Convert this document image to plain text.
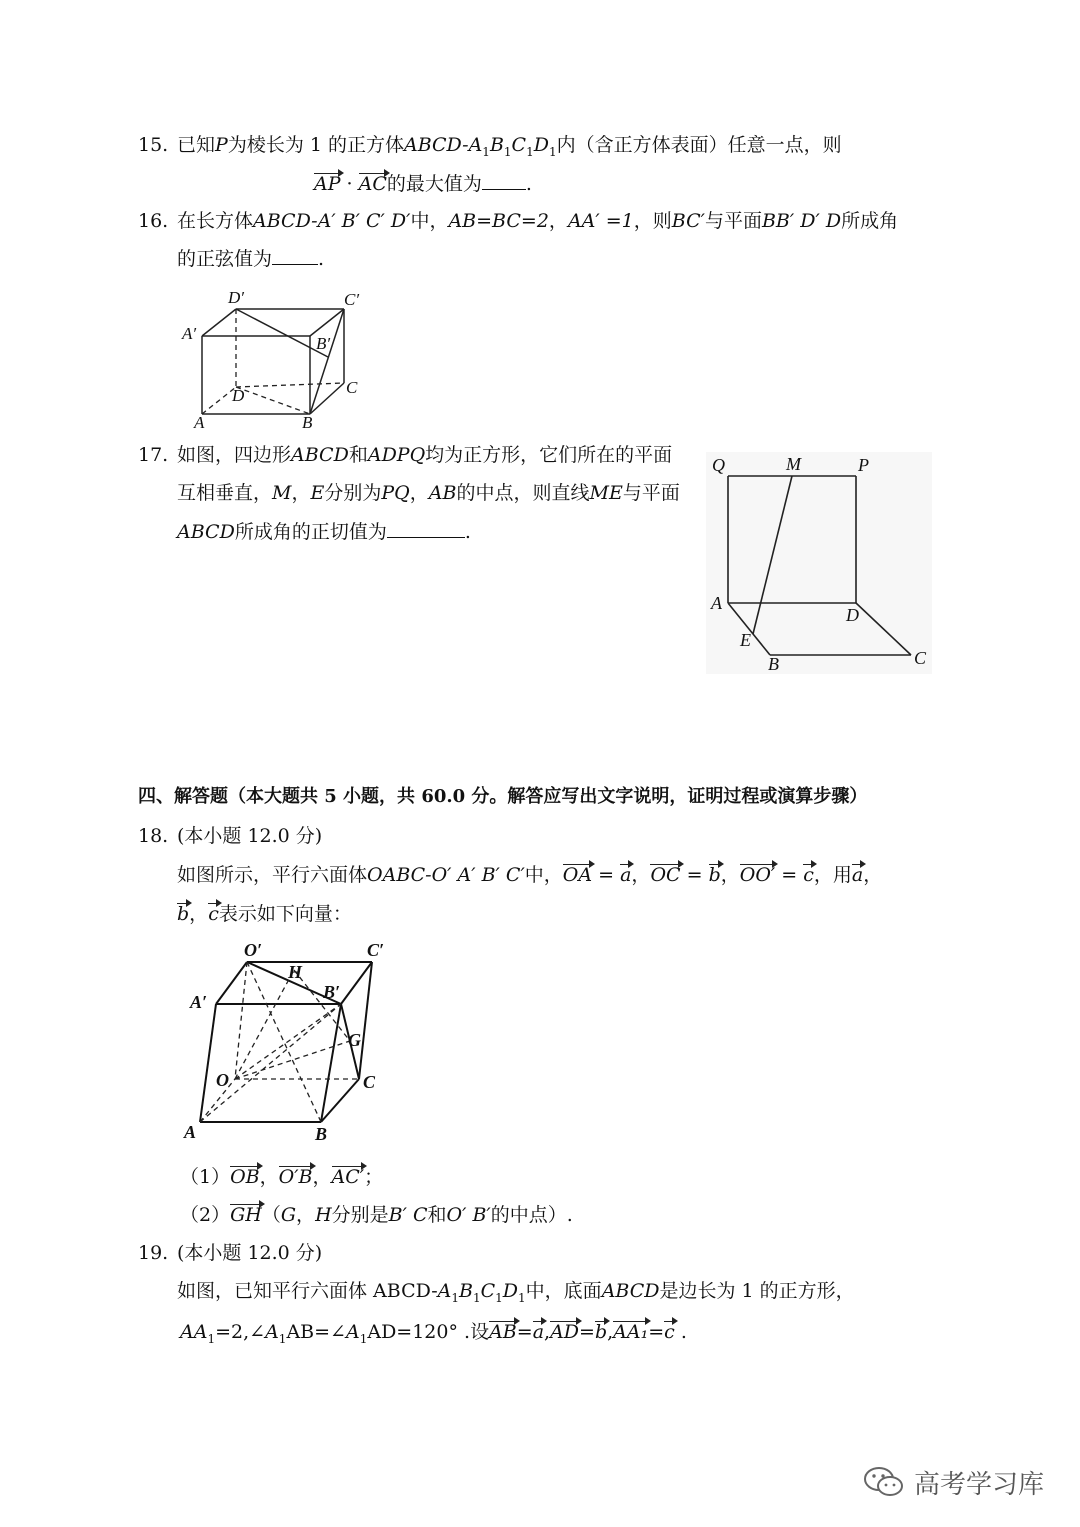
15. 已知P为棱长为 1 的正方体ABCD-$A_1B_1C_1D_1$内（含正方体表面）任意一点，则
AP · AC的最大值为 .
16. 在长方体ABCD-A′ B′ C′ D′中，AB=BC=2，AA′ =1，则BC′与平面BB′ D′ D所成角
的正弦值为 .
D′	C′
A′
B′
D	C
A	B
17. 如图，四边形ABCD和ADPQ均为正方形，它们所在的平面
互相垂直，M，E分别为PQ，AB的中点，则直线ME与平面
ABCD所成角的正切值为	.
Q	M	P
A
D
E
B	C
四、解答题（本大题共 5 小题，共 60.0 分。解答应写出文字说明，证明过程或演算步骤）
18. (本小题 12.0 分)
如图所示，平行六面体OABC-O′ A′ B′ C′中，OA = a，OC = b，OO′ = c，用a，
b，c表示如下向量：
O′	C′
H
A′	B′
G
O	C
A	B
（1）OB，O′B，AC′；
（2）GH（G，H分别是B′ C和O′ B′的中点）.
19. (本小题 12.0 分)
如图，已知平行六面体 ABCD-$A_1B_1C_1D_1$中，底面ABCD是边长为 1 的正方形，
$AA_1=2,\angle A_1AB=\angle A_1AD=120^\circ$ .设AB=a,AD=b,AA₁=c .
高考学习库
